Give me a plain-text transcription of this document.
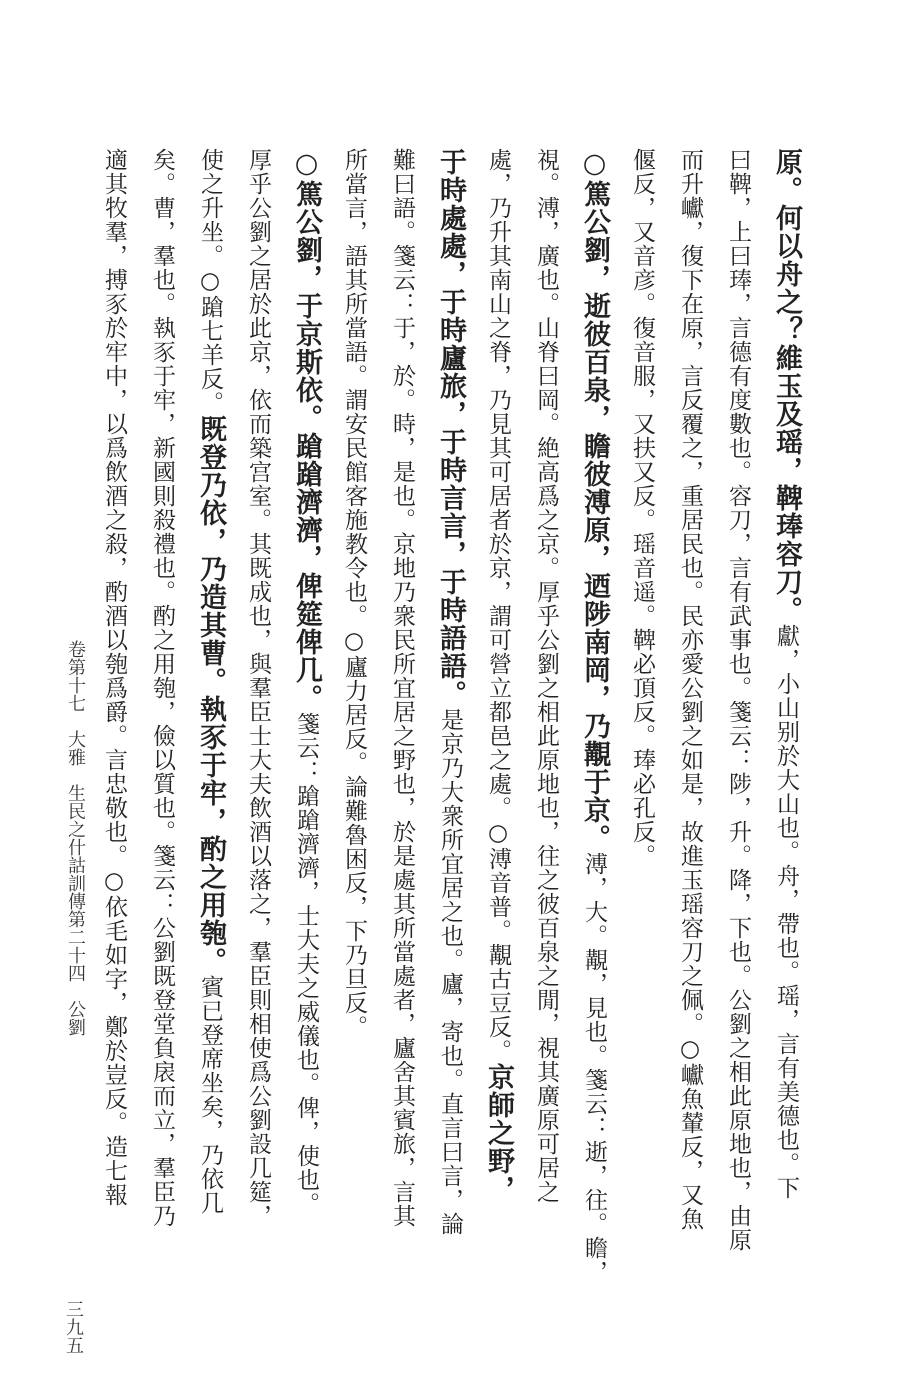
原。何以舟之？維玉及瑶，鞞琫容刀。獻，小山别於大山也。舟，帶也。瑶，言有美德也。下
曰鞞，上曰琫，言德有度數也。容刀，言有武事也。箋云：陟，升。降，下也。公劉之相此原地也，由原
而升巘，復下在原，言反覆之，重居民也。民亦愛公劉之如是，故進玉瑶容刀之佩。○巘魚輦反，又魚
偃反，又音彦。復音服，又扶又反。瑶音遥。鞞必頂反。琫必孔反。
○篤公劉，逝彼百泉，瞻彼溥原，迺陟南岡，乃覯于京。溥，大。覯，見也。箋云：逝，往。瞻，
視。溥，廣也。山脊曰岡。絶高爲之京。厚乎公劉之相此原地也，往之彼百泉之閒，視其廣原可居之
處，乃升其南山之脊，乃見其可居者於京，謂可營立都邑之處。○溥音普。覯古豆反。京師之野，
于時處處，于時廬旅，于時言言，于時語語。是京乃大衆所宜居之也。廬，寄也。直言曰言，論
難曰語。箋云：于，於。時，是也。京地乃衆民所宜居之野也，於是處其所當處者，廬舍其賓旅，言其
所當言，語其所當語。謂安民館客施教令也。○廬力居反。論難魯困反，下乃旦反。
○篤公劉，于京斯依。蹌蹌濟濟，俾筵俾几。箋云：蹌蹌濟濟，士大夫之威儀也。俾，使也。
厚乎公劉之居於此京，依而築宫室。其既成也，與羣臣士大夫飲酒以落之，羣臣則相使爲公劉設几筵，
使之升坐。○蹌七羊反。既登乃依，乃造其曹。執豕于牢，酌之用匏。賓已登席坐矣，乃依几
矣。曹，羣也。執豕于牢，新國則殺禮也。酌之用匏，儉以質也。箋云：公劉既登堂負扆而立，羣臣乃
適其牧羣，搏豕於牢中，以爲飲酒之殺，酌酒以匏爲爵。言忠敬也。○依毛如字，鄭於豈反。造七報
卷第十七　大雅　生民之什詁訓傳第二十四　公劉
三九五
